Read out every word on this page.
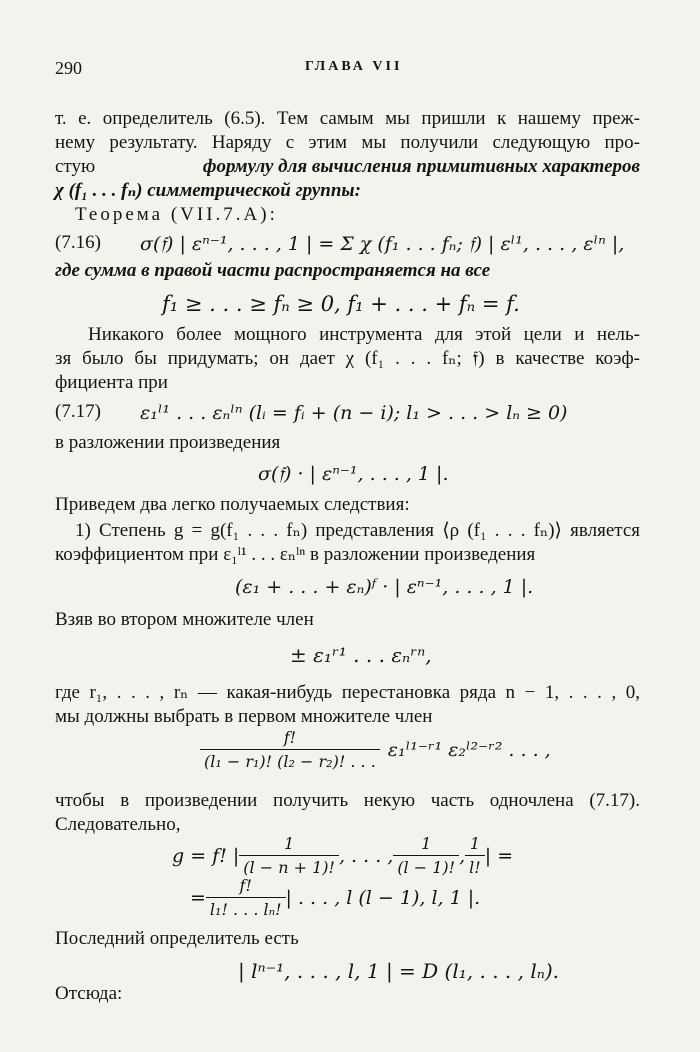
290	ГЛАВА VII
т. е. определитель (6.5). Тем самым мы пришли к нашему преж-
нему результату. Наряду с этим мы получили следующую про-
стую	формулу для вычисления примитивных характеров
χ (f₁ . . . fₙ) симметрической группы:
Теорема (VII.7.A):
(7.16) σ(𝔣) | εⁿ⁻¹, . . . , 1 | = Σ χ (f₁ . . . fₙ; 𝔣) | εˡ¹, . . . , εˡⁿ |,
где сумма в правой части распространяется на все
f₁ ≥ . . . ≥ fₙ ≥ 0, f₁ + . . . + fₙ = f.
Никакого более мощного инструмента для этой цели и нель-
зя было бы придумать; он дает χ (f₁ . . . fₙ; 𝔣) в качестве коэф-
фициента при
(7.17) ε₁ˡ¹ . . . εₙˡⁿ (lᵢ = fᵢ + (n − i); l₁ > . . . > lₙ ≥ 0)
в разложении произведения
σ(𝔣) · | εⁿ⁻¹, . . . , 1 |.
Приведем два легко получаемых следствия:
1) Степень g = g(f₁ . . . fₙ) представления ⟨ρ (f₁ . . . fₙ)⟩ является
коэффициентом при ε₁ˡ¹ . . . εₙˡⁿ в разложении произведения
(ε₁ + . . . + εₙ)ᶠ · | εⁿ⁻¹, . . . , 1 |.
Взяв во втором множителе член
± ε₁ʳ¹ . . . εₙʳⁿ,
где r₁, . . . , rₙ — какая-нибудь перестановка ряда n − 1, . . . , 0,
мы должны выбрать в первом множителе член
$\frac{f!}{\text{(l₁ − r₁)! (l₂ − r₂)! . . .}}$ ε₁ˡ¹⁻ʳ¹ ε₂ˡ²⁻ʳ² . . . ,
чтобы в произведении получить некую часть одночлена (7.17).
Следовательно,
g = f! | $\frac{1}{(l - n + 1)!}$ , . . . , $\frac{1}{(l - 1)!}$ , $\frac{1}{l!}$ | =
= $\frac{f!}{\text{l₁! . . . lₙ!}}$ | . . . , l (l − 1), l, 1 |.
Последний определитель есть
| lⁿ⁻¹, . . . , l, 1 | = D (l₁, . . . , lₙ).
Отсюда:
